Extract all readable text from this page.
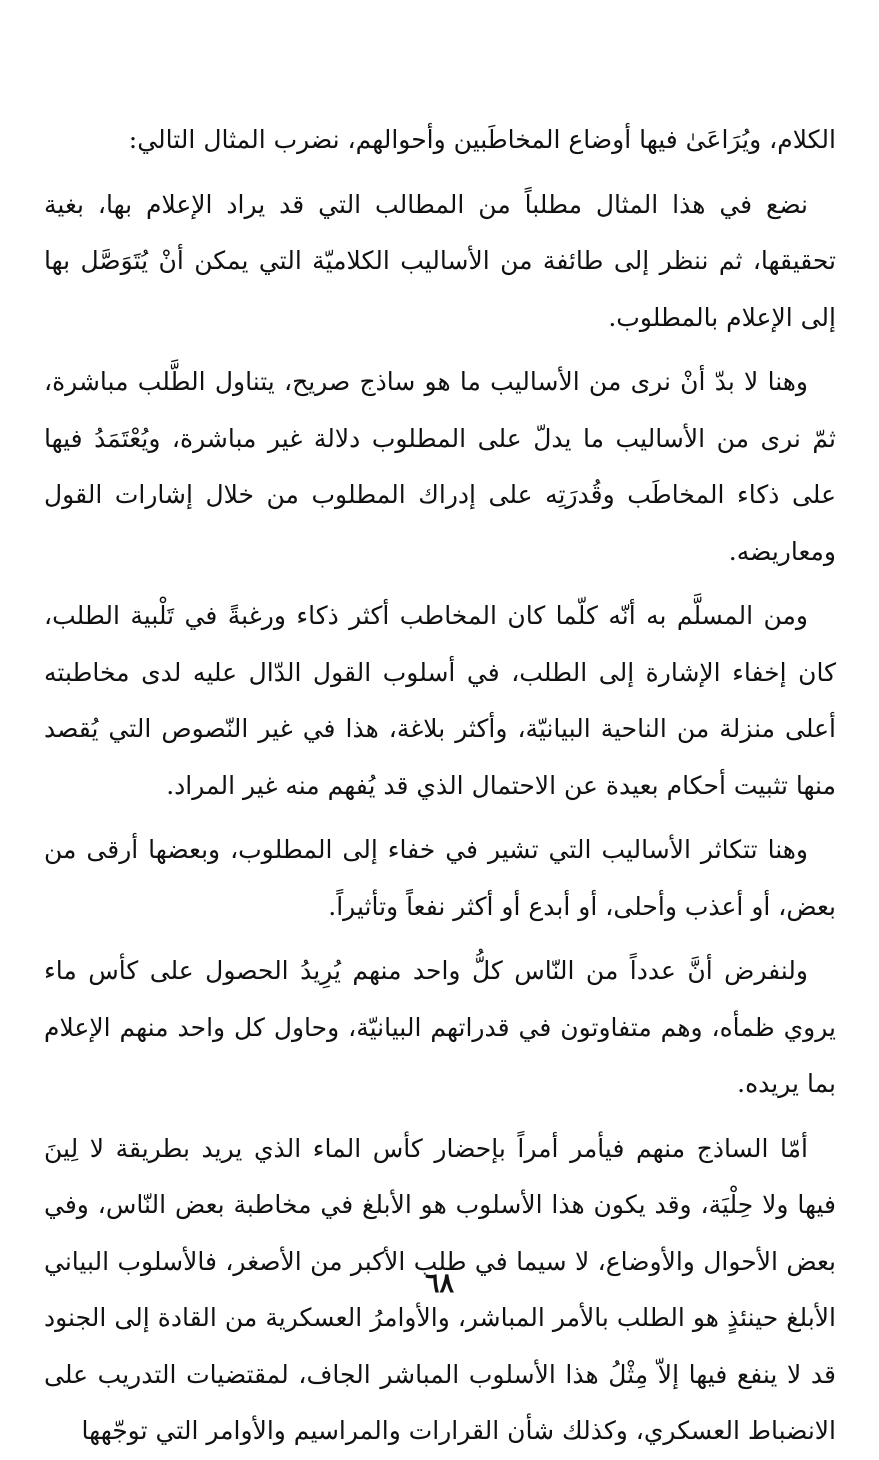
الكلام، ويُرَاعَىٰ فيها أوضاع المخاطَبين وأحوالهم، نضرب المثال التالي:

نضع في هذا المثال مطلباً من المطالب التي قد يراد الإعلام بها، بغية تحقيقها، ثم ننظر إلى طائفة من الأساليب الكلاميّة التي يمكن أنْ يُتَوَصَّل بها إلى الإعلام بالمطلوب.

وهنا لا بدّ أنْ نرى من الأساليب ما هو ساذج صريح، يتناول الطَّلب مباشرة، ثمّ نرى من الأساليب ما يدلّ على المطلوب دلالة غير مباشرة، ويُعْتَمَدُ فيها على ذكاء المخاطَب وقُدرَتِه على إدراك المطلوب من خلال إشارات القول ومعاريضه.

ومن المسلَّم به أنّه كلّما كان المخاطب أكثر ذكاء ورغبةً في تَلْبية الطلب، كان إخفاء الإشارة إلى الطلب، في أسلوب القول الدّال عليه لدى مخاطبته أعلى منزلة من الناحية البيانيّة، وأكثر بلاغة، هذا في غير النّصوص التي يُقصد منها تثبيت أحكام بعيدة عن الاحتمال الذي قد يُفهم منه غير المراد.

وهنا تتكاثر الأساليب التي تشير في خفاء إلى المطلوب، وبعضها أرقى من بعض، أو أعذب وأحلى، أو أبدع أو أكثر نفعاً وتأثيراً.

ولنفرض أنَّ عدداً من النّاس كلُّ واحد منهم يُرِيدُ الحصول على كأس ماء يروي ظمأه، وهم متفاوتون في قدراتهم البيانيّة، وحاول كل واحد منهم الإعلام بما يريده.

أمّا الساذج منهم فيأمر أمراً بإحضار كأس الماء الذي يريد بطريقة لا لِينَ فيها ولا حِلْيَة، وقد يكون هذا الأسلوب هو الأبلغ في مخاطبة بعض النّاس، وفي بعض الأحوال والأوضاع، لا سيما في طلب الأكبر من الأصغر، فالأسلوب البياني الأبلغ حينئذٍ هو الطلب بالأمر المباشر، والأوامرُ العسكرية من القادة إلى الجنود قد لا ينفع فيها إلاّ مِثْلُ هذا الأسلوب المباشر الجاف، لمقتضيات التدريب على الانضباط العسكري، وكذلك شأن القرارات والمراسيم والأوامر التي توجّهها

٦٨
